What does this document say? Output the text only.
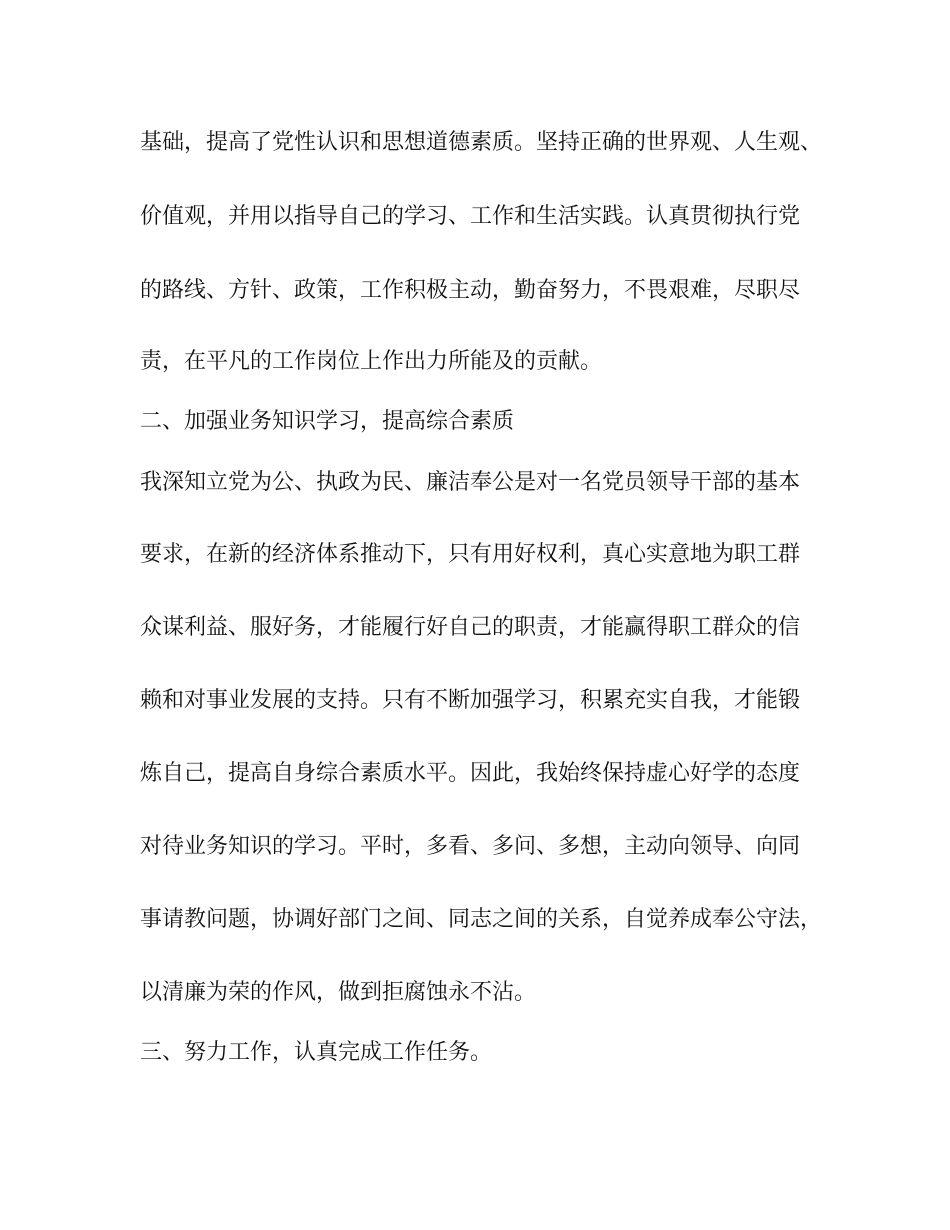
基础，提高了党性认识和思想道德素质。坚持正确的世界观、人生观、
价值观，并用以指导自己的学习、工作和生活实践。认真贯彻执行党
的路线、方针、政策，工作积极主动，勤奋努力，不畏艰难，尽职尽
责，在平凡的工作岗位上作出力所能及的贡献。
二、加强业务知识学习，提高综合素质
我深知立党为公、执政为民、廉洁奉公是对一名党员领导干部的基本
要求，在新的经济体系推动下，只有用好权利，真心实意地为职工群
众谋利益、服好务，才能履行好自己的职责，才能赢得职工群众的信
赖和对事业发展的支持。只有不断加强学习，积累充实自我，才能锻
炼自己，提高自身综合素质水平。因此，我始终保持虚心好学的态度
对待业务知识的学习。平时，多看、多问、多想，主动向领导、向同
事请教问题，协调好部门之间、同志之间的关系，自觉养成奉公守法，
以清廉为荣的作风，做到拒腐蚀永不沾。
三、努力工作，认真完成工作任务。
